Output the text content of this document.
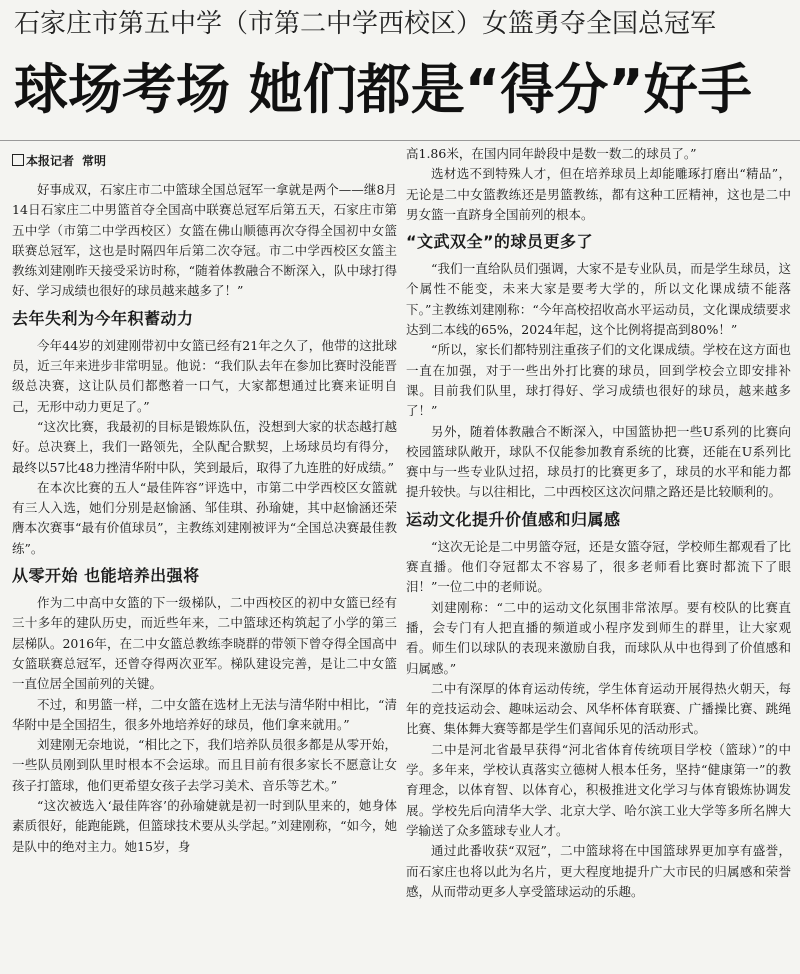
石家庄市第五中学（市第二中学西校区）女篮勇夺全国总冠军
球场考场 她们都是“得分”好手
本报记者 常明

好事成双，石家庄市二中篮球全国总冠军一拿就是两个——继8月14日石家庄二中男篮首夺全国高中联赛总冠军后第五天，石家庄市第五中学（市第二中学西校区）女篮在佛山顺德再次夺得全国初中女篮联赛总冠军，这也是时隔四年后第二次夺冠。市二中学西校区女篮主教练刘建刚昨天接受采访时称，“随着体教融合不断深入，队中球打得好、学习成绩也很好的球员越来越多了！”

去年失利为今年积蓄动力

今年44岁的刘建刚带初中女篮已经有21年之久了，他带的这批球员，近三年来进步非常明显。他说：“我们队去年在参加比赛时没能晋级总决赛，这让队员们都憋着一口气，大家都想通过比赛来证明自己，无形中动力更足了。”

“这次比赛，我最初的目标是锻炼队伍，没想到大家的状态越打越好。总决赛上，我们一路领先，全队配合默契，上场球员均有得分，最终以57比48力挫清华附中队，笑到最后，取得了九连胜的好成绩。”

在本次比赛的五人“最佳阵容”评选中，市第二中学西校区女篮就有三人入选，她们分别是赵愉涵、邹佳琪、孙瑜婕，其中赵愉涵还荣膺本次赛事“最有价值球员”，主教练刘建刚被评为“全国总决赛最佳教练”。

从零开始 也能培养出强将

作为二中高中女篮的下一级梯队，二中西校区的初中女篮已经有三十多年的建队历史，而近些年来，二中篮球还构筑起了小学的第三层梯队。2016年，在二中女篮总教练李晓群的带领下曾夺得全国高中女篮联赛总冠军，还曾夺得两次亚军。梯队建设完善，是让二中女篮一直位居全国前列的关键。

不过，和男篮一样，二中女篮在选材上无法与清华附中相比，“清华附中是全国招生，很多外地培养好的球员，他们拿来就用。”

刘建刚无奈地说，“相比之下，我们培养队员很多都是从零开始，一些队员刚到队里时根本不会运球。而且目前有很多家长不愿意让女孩子打篮球，他们更希望女孩子去学习美术、音乐等艺术。”

“这次被选入‘最佳阵容’的孙瑜婕就是初一时到队里来的，她身体素质很好，能跑能跳，但篮球技术要从头学起。”刘建刚称，“如今，她是队中的绝对主力。她15岁，身

高1.86米，在国内同年龄段中是数一数二的球员了。”

选材选不到特殊人才，但在培养球员上却能雕琢打磨出“精品”，无论是二中女篮教练还是男篮教练，都有这种工匠精神，这也是二中男女篮一直跻身全国前列的根本。

“文武双全”的球员更多了

“我们一直给队员们强调，大家不是专业队员，而是学生球员，这个属性不能变，未来大家是要考大学的，所以文化课成绩不能落下。”主教练刘建刚称：“今年高校招收高水平运动员，文化课成绩要求达到二本线的65%，2024年起，这个比例将提高到80%！”

“所以，家长们都特别注重孩子们的文化课成绩。学校在这方面也一直在加强，对于一些出外打比赛的球员，回到学校会立即安排补课。目前我们队里，球打得好、学习成绩也很好的球员，越来越多了！”

另外，随着体教融合不断深入，中国篮协把一些U系列的比赛向校园篮球队敞开，球队不仅能参加教育系统的比赛，还能在U系列比赛中与一些专业队过招，球员打的比赛更多了，球员的水平和能力都提升较快。与以往相比，二中西校区这次问鼎之路还是比较顺利的。

运动文化提升价值感和归属感

“这次无论是二中男篮夺冠，还是女篮夺冠，学校师生都观看了比赛直播。他们夺冠都太不容易了，很多老师看比赛时都流下了眼泪！”一位二中的老师说。

刘建刚称：“二中的运动文化氛围非常浓厚。要有校队的比赛直播，会专门有人把直播的频道或小程序发到师生的群里，让大家观看。师生们以球队的表现来激励自我，而球队从中也得到了价值感和归属感。”

二中有深厚的体育运动传统，学生体育运动开展得热火朝天，每年的竞技运动会、趣味运动会、风华杯体育联赛、广播操比赛、跳绳比赛、集体舞大赛等都是学生们喜闻乐见的活动形式。

二中是河北省最早获得“河北省体育传统项目学校（篮球）”的中学。多年来，学校认真落实立德树人根本任务，坚持“健康第一”的教育理念，以体育智、以体育心，积极推进文化学习与体育锻炼协调发展。学校先后向清华大学、北京大学、哈尔滨工业大学等多所名牌大学输送了众多篮球专业人才。

通过此番收获“双冠”，二中篮球将在中国篮球界更加享有盛誉，而石家庄也将以此为名片，更大程度地提升广大市民的归属感和荣誉感，从而带动更多人享受篮球运动的乐趣。
